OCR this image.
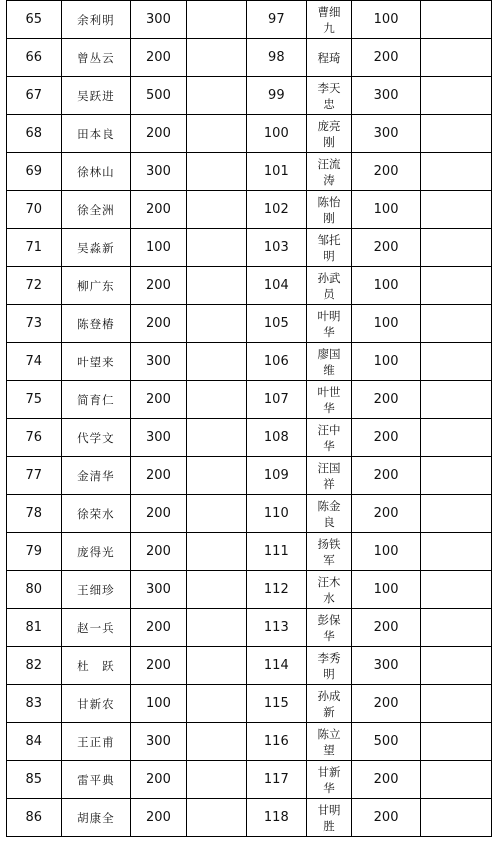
65	余利明	300		97	曹细九	100	
66	曾丛云	200		98	程琦	200	
67	吴跃进	500		99	李天忠	300	
68	田本良	200		100	庞亮刚	300	
69	徐林山	300		101	汪流涛	200	
70	徐全洲	200		102	陈怡刚	100	
71	吴淼新	100		103	邹托明	200	
72	柳广东	200		104	孙武员	100	
73	陈登椿	200		105	叶明华	100	
74	叶望来	300		106	廖国维	100	
75	简育仁	200		107	叶世华	200	
76	代学文	300		108	汪中华	200	
77	金清华	200		109	汪国祥	200	
78	徐荣水	200		110	陈金良	200	
79	庞得光	200		111	扬铁军	100	
80	王细珍	300		112	汪木水	100	
81	赵一兵	200		113	彭保华	200	
82	杜　跃	200		114	李秀明	300	
83	甘新农	100		115	孙成新	200	
84	王正甫	300		116	陈立望	500	
85	雷平典	200		117	甘新华	200	
86	胡康全	200		118	甘明胜	200	
